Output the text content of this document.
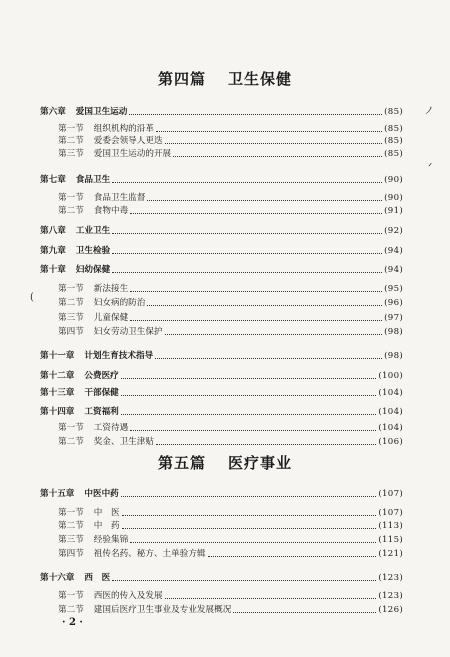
第四篇 卫生保健
第六章 爱国卫生运动	(85)
第一节 组织机构的沿革	(85)
第二节 爱委会领导人更迭	(85)
第三节 爱国卫生运动的开展	(85)
第七章 食品卫生	(90)
第一节 食品卫生监督	(90)
第二节 食物中毒	(91)
第八章 工业卫生	(92)
第九章 卫生检验	(94)
第十章 妇幼保健	(94)
第一节 新法接生	(95)
第二节 妇女病的防治	(96)
第三节 儿童保健	(97)
第四节 妇女劳动卫生保护	(98)
第十一章 计划生育技术指导	(98)
第十二章 公费医疗	(100)
第十三章 干部保健	(104)
第十四章 工资福利	(104)
第一节 工资待遇	(104)
第二节 奖金、卫生津贴	(106)
第五篇 医疗事业
第十五章 中医中药	(107)
第一节 中　医	(107)
第二节 中　药	(113)
第三节 经验集锦	(115)
第四节 祖传名药、秘方、土单验方辑	(121)
第十六章 西　医	(123)
第一节 西医的传入及发展	(123)
第二节 建国后医疗卫生事业及专业发展概况	(126)
· 2 ·
ノ
ᐟ
(
